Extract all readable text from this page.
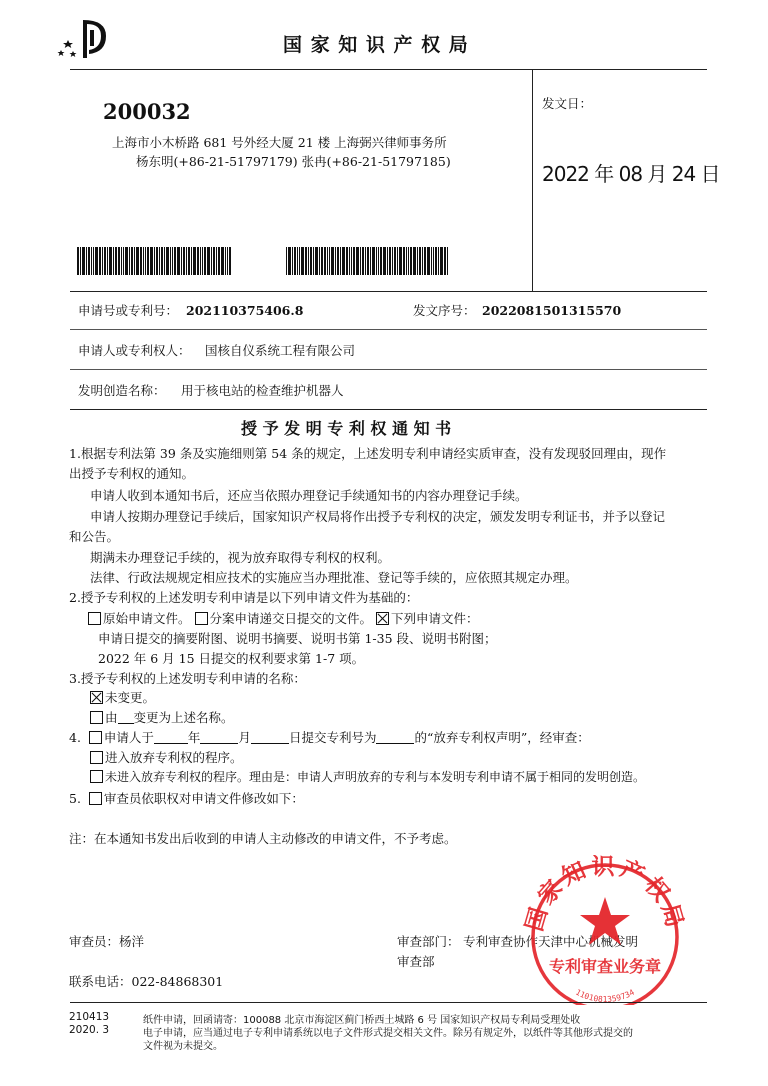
国 家 知 识 产 权 局
200032
上海市小木桥路 681 号外经大厦 21 楼 上海弼兴律师事务所
杨东明(+86-21-51797179) 张冉(+86-21-51797185)
发文日：
2022 年 08 月 24 日
申请号或专利号： 202110375406.8	发文序号： 2022081501315570
申请人或专利权人： 国核自仪系统工程有限公司
发明创造名称： 用于核电站的检查维护机器人
授 予 发 明 专 利 权 通 知 书
1.根据专利法第 39 条及实施细则第 54 条的规定，上述发明专利申请经实质审查，没有发现驳回理由，现作
出授予专利权的通知。
申请人收到本通知书后，还应当依照办理登记手续通知书的内容办理登记手续。
申请人按期办理登记手续后，国家知识产权局将作出授予专利权的决定，颁发发明专利证书，并予以登记
和公告。
期满未办理登记手续的，视为放弃取得专利权的权利。
法律、行政法规规定相应技术的实施应当办理批准、登记等手续的，应依照其规定办理。
2.授予专利权的上述发明专利申请是以下列申请文件为基础的：
原始申请文件。 分案申请递交日提交的文件。 下列申请文件：
申请日提交的摘要附图、说明书摘要、说明书第 1-35 段、说明书附图；
2022 年 6 月 15 日提交的权利要求第 1-7 项。
3.授予专利权的上述发明专利申请的名称：
未变更。
由 变更为上述名称。
4. 申请人于	年	月	日提交专利号为	的“放弃专利权声明”，经审查：
进入放弃专利权的程序。
未进入放弃专利权的程序。理由是：申请人声明放弃的专利与本发明专利申请不属于相同的发明创造。
5. 审查员依职权对申请文件修改如下：
注：在本通知书发出后收到的申请人主动修改的申请文件，不予考虑。
审查员：杨洋	审查部门： 专利审查协作天津中心机械发明
审查部
联系电话：022-84868301
国家知识产权局
专利审查业务章
1101081359734
210413
2020. 3
纸件申请，回函请寄：100088 北京市海淀区蓟门桥西土城路 6 号 国家知识产权局专利局受理处收
电子申请，应当通过电子专利申请系统以电子文件形式提交相关文件。除另有规定外，以纸件等其他形式提交的
文件视为未提交。
